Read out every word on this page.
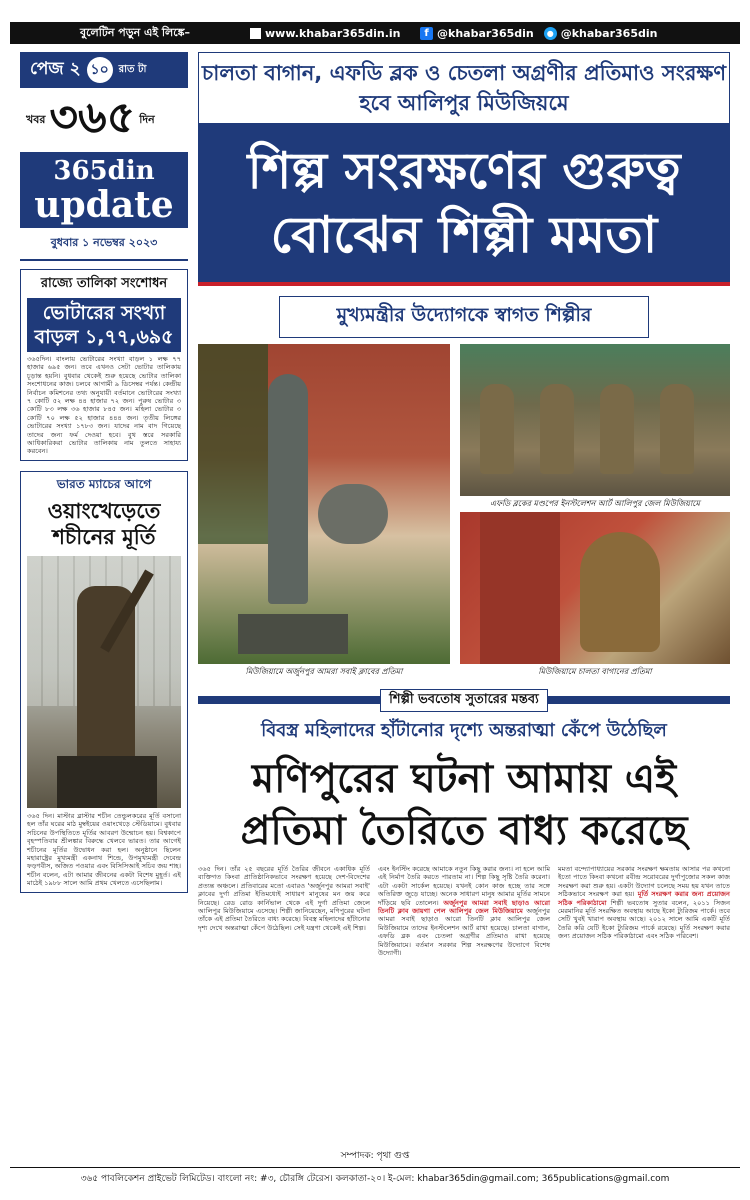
বুলেটিন পড়ুন এই লিঙ্কে–	www.khabar365din.in	f @khabar365din	● @khabar365din
পেজ ২ ১০ রাত টা
খবর ৩৬৫ দিন
365din
update
বুধবার ১ নভেম্বর ২০২৩
রাজ্যে তালিকা সংশোধন
ভোটারের সংখ্যা বাড়ল ১,৭৭,৬৯৫
৩৬৫দিন। বাংলায় ভোটারের সংখ্যা বাড়ল ১ লক্ষ ৭৭ হাজার ৬৯৫ জন। তবে এখনও সেটা ভোটার তালিকায় চূড়ান্ত হয়নি। বুধবার থেকেই শুরু হয়েছে ভোটার তালিকা সংশোধনের কাজ। চলবে আগামী ৯ ডিসেম্বর পর্যন্ত। কেন্দ্রীয় নির্বাচন কমিশনের তথ্য অনুযায়ী বর্তমানে ভোটারের সংখ্যা ৭ কোটি ৫২ লক্ষ ৪৪ হাজার ৭২ জন। পুরুষ ভোটার ৩ কোটি ৮৩ লক্ষ ৩৬ হাজার ৮৪৫ জন। মহিলা ভোটার ৩ কোটি ৭০ লক্ষ ৫২ হাজার ৪৪৪ জন। তৃতীয় লিঙ্গের ভোটারের সংখ্যা ১৭৮৩ জন। যাদের নাম বাদ গিয়েছে তাদের জন্য ফর্ম দেওয়া হবে। বুথ স্তরে সরকারি আধিকারিকরা ভোটার তালিকায় নাম তুলতে সাহায্য করবেন।
ভারত ম্যাচের আগে
ওয়াংখেড়েতে শচীনের মূর্তি
৩৬৫ দিন। মাস্টার ব্লাস্টার শচীন তেন্ডুলকরের মূর্তি বসানো হল তাঁর ঘরের মাঠ মুম্বইয়ের ওয়াংখেড়ে স্টেডিয়ামে। বুধবার সচিনের উপস্থিতিতে মূর্তির আবরণ উন্মোচন হয়। বিশ্বকাপে বৃহস্পতিবার শ্রীলঙ্কার বিরুদ্ধে খেলবে ভারত। তার আগেই শচীনের মূর্তির উদ্বোধন করা হল। অনুষ্ঠানে ছিলেন মহারাষ্ট্রের মুখ্যমন্ত্রী একনাথ শিন্ডে, উপমুখ্যমন্ত্রী দেবেন্দ্র ফড়ণবীস, অজিত পওয়ার এবং বিসিসিআই সচিব জয় শাহ। শচীন বলেন, এটা আমার জীবনের একটা বিশেষ মুহূর্ত। এই মাঠেই ১৯৮৮ সালে আমি প্রথম খেলতে এসেছিলাম।
চালতা বাগান, এফডি ব্লক ও চেতলা অগ্রণীর প্রতিমাও সংরক্ষণ হবে আলিপুর মিউজিয়মে
শিল্প সংরক্ষণের গুরুত্ব
বোঝেন শিল্পী মমতা
মুখ্যমন্ত্রীর উদ্যোগকে স্বাগত শিল্পীর
মিউজিয়ামে অর্জুনপুর আমরা সবাই ক্লাবের প্রতিমা
এফডি ব্লকের মণ্ডপের ইনস্টলেশন আর্ট আলিপুর জেল মিউজিয়ামে
মিউজিয়ামে চালতা বাগানের প্রতিমা
শিল্পী ভবতোষ সুতারের মন্তব্য
বিবস্ত্র মহিলাদের হাঁটানোর দৃশ্যে অন্তরাত্মা কেঁপে উঠেছিল
মণিপুরের ঘটনা আমায় এই
প্রতিমা তৈরিতে বাধ্য করেছে
৩৬৫ দিন। তাঁর ২৫ বছরের মূর্তি তৈরির জীবনে একাধিক মূর্তি ব্যক্তিগত কিংবা প্রাতিষ্ঠানিকভাবে সংরক্ষণ হয়েছে দেশ-বিদেশের প্রত্যন্ত অঞ্চলে। প্রতিবারের মতো এবারও 'অর্জুনপুর আমরা সবাই' ক্লাবের দুর্গা প্রতিমা ইতিমধ্যেই সাধারণ মানুষের মন জয় করে নিয়েছে। রেড রোড কার্নিভাল থেকে এই দুর্গা প্রতিমা জেলে আলিপুর মিউজিয়ামে এসেছে। শিল্পী জানিয়েছেন, মণিপুরের ঘটনা তাঁকে এই প্রতিমা তৈরিতে বাধ্য করেছে। বিবস্ত্র মহিলাদের হাঁটানোর দৃশ্য দেখে অন্তরাত্মা কেঁপে উঠেছিল। সেই যন্ত্রণা থেকেই এই শিল্প।
এবং ইনস্টিং করেছে আমাকে নতুন কিছু করার জন্য। না হলে আমি এই নির্মাণ তৈরি করতে পারতাম না। শিল্প কিছু সৃষ্টি তৈরি করেনা। এটা একটা সার্কেল হয়েছে। যখনই কোন কাজ হচ্ছে তার সঙ্গে অতিরিক্ত জুড়ে যাচ্ছে। অনেক সাধারণ মানুষ আমার মূর্তির সামনে দাঁড়িয়ে ছবি তোলেন। অর্জুনপুর আমরা সবাই ছাড়াও আরো তিনটি ক্লাব জায়গা পেল আলিপুর জেল মিউজিয়ামে অর্জুনপুর আমরা সবাই ছাড়াও আরো তিনটি ক্লাব আলিপুর জেল মিউজিয়ামে তাদের ইনস্টলেশন আর্ট রাখা হয়েছে। চালতা বাগান, এফডি ব্লক এবং চেতলা অগ্রণীর প্রতিমাও রাখা হয়েছে মিউজিয়ামে। বর্তমান সরকার শিল্প সংরক্ষণের উদ্যোগে বিশেষ উদ্যোগী।
মমতা বন্দ্যোপাধ্যায়ের সরকার সংরক্ষণ ক্ষমতায় আসার পর কখনো ইতো পাতে কিংবা কখনো রবীন্দ্র সরোবরের দুর্গাপুজোর সকল কাজ সংরক্ষণ করা শুরু হয়। একটা উদ্যোগ চলেছে সময় হয় যখন তাতে সঠিকভাবে সংরক্ষণ করা হয়। মূর্তি সংরক্ষণ করার জন্য প্রয়োজন সঠিক পরিকাঠামো শিল্পী ভবতোষ সুতার বলেন, ২০১১ সিজন মেরমানির মূর্তি সংরক্ষিত অবস্থায় আছে ইকো ট্যুরিজম পার্কে। তবে সেটি খুবই খারাপ অবস্থায় আছে। ২০১২ সালে আমি একটি মূর্তি তৈরি করি যেটি ইকো ট্যুরিজম পার্কে রয়েছে। মূর্তি সংরক্ষণ করার জন্য প্রয়োজন সঠিক পরিকাঠামো এবং সঠিক পরিবেশ।
সম্পাদক: পৃথা গুপ্ত
৩৬৫ পাবলিকেশন প্রাইভেট লিমিটেড। বাংলো নং: #৩, চৌরঙ্গি টেরেস। কলকাতা-২০। ই-মেল: khabar365din@gmail.com; 365publications@gmail.com
